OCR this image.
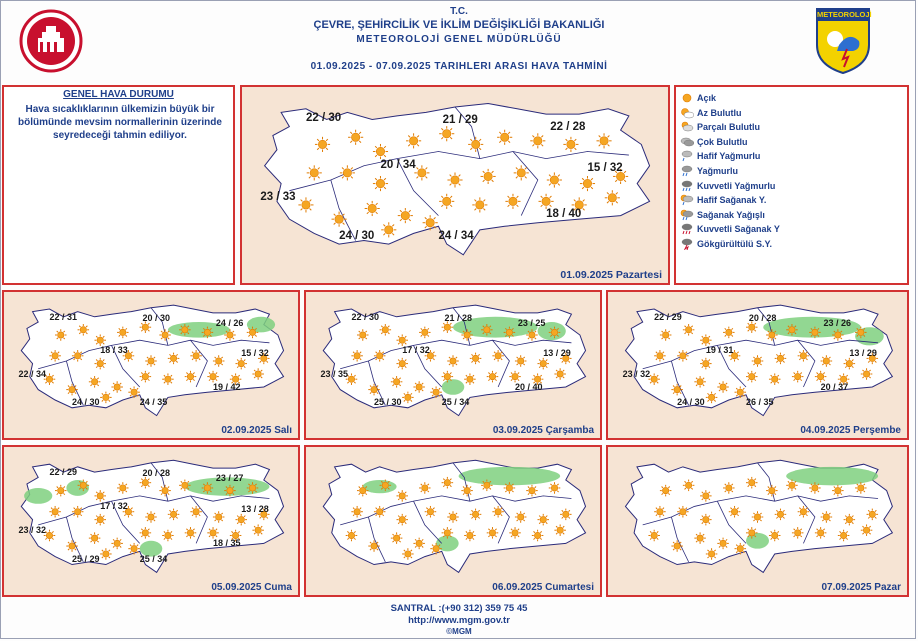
T.C.
ÇEVRE, ŞEHİRCİLİK VE İKLİM DEĞİŞİKLİĞİ BAKANLIĞI
METEOROLOJİ GENEL MÜDÜRLÜĞÜ
01.09.2025 - 07.09.2025 TARIHLERI ARASI HAVA TAHMİNİ
METEOROLOJİ
GENEL HAVA DURUMU
Hava sıcaklıklarının ülkemizin büyük bir bölümünde mevsim normallerinin üzerinde seyredeceği tahmin ediliyor.
22 / 30	21 / 29
22 / 28
20 / 34	15 / 32
23 / 33
18 / 40
24 / 30	24 / 34
01.09.2025 Pazartesi
Açık
Az Bulutlu
Parçalı Bulutlu
Çok Bulutlu
Hafif Yağmurlu
Yağmurlu
Kuvvetli Yağmurlu
Hafif Sağanak Y.
Sağanak Yağışlı
Kuvvetli Sağanak Y
Gökgürültülü S.Y.
22 / 31	20 / 30
24 / 26
18 / 33	15 / 32
22 / 34
19 / 42
24 / 30	24 / 35
02.09.2025 Salı
22 / 30	21 / 28
23 / 25
17 / 32	13 / 29
23 / 35
20 / 40
25 / 30	25 / 34
03.09.2025 Çarşamba
22 / 29	20 / 28
23 / 26
19 / 31	13 / 29
23 / 32
20 / 37
24 / 30	26 / 35
04.09.2025 Perşembe
22 / 29	20 / 28
23 / 27
17 / 32	13 / 28
23 / 32
18 / 35
25 / 29	25 / 34
05.09.2025 Cuma	06.09.2025 Cumartesi	07.09.2025 Pazar
SANTRAL :(+90 312) 359 75 45
http://www.mgm.gov.tr
©MGM
